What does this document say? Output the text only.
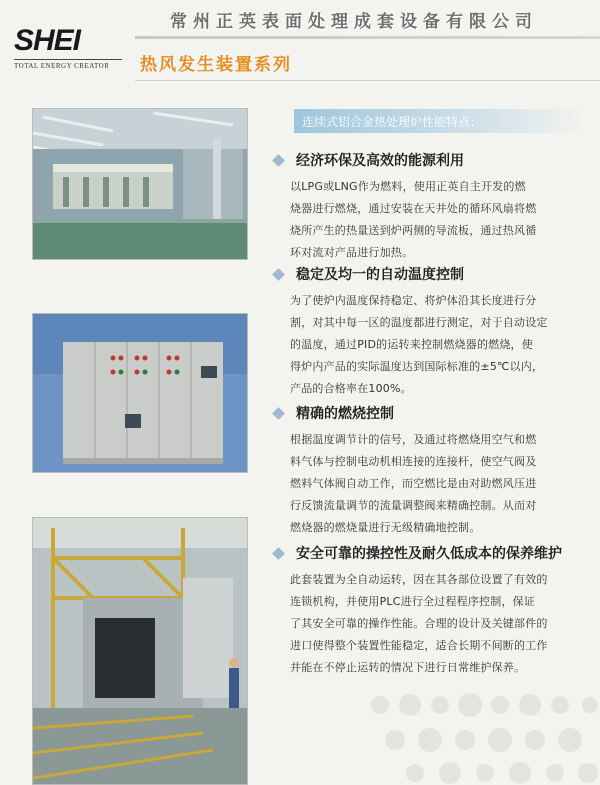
SHEI
TOTAL ENERGY CREATOR
常州正英表面处理成套设备有限公司
热风发生装置系列
连续式铝合金热处理炉性能特点：
经济环保及高效的能源利用
以LPG或LNG作为燃料，使用正英自主开发的燃
烧器进行燃烧，通过安装在天井处的循环风扇将燃
烧所产生的热量送到炉两侧的导流板，通过热风循
环对流对产品进行加热。
稳定及均一的自动温度控制
为了使炉内温度保持稳定、将炉体沿其长度进行分
割，对其中每一区的温度都进行测定，对于自动设定
的温度，通过PID的运转来控制燃烧器的燃烧，使
得炉内产品的实际温度达到国际标准的±5℃以内，
产品的合格率在100%。
精确的燃烧控制
根据温度调节计的信号，及通过将燃烧用空气和燃
料气体与控制电动机相连接的连接杆，使空气阀及
燃料气体阀自动工作，而空燃比是由对助燃风压进
行反馈流量调节的流量调整阀来精确控制。从而对
燃烧器的燃烧量进行无级精确地控制。
安全可靠的操控性及耐久低成本的保养维护
此套装置为全自动运转，因在其各部位设置了有效的
连锁机构，并使用PLC进行全过程程序控制，保证
了其安全可靠的操作性能。合理的设计及关键部件的
进口使得整个装置性能稳定，适合长期不间断的工作
并能在不停止运转的情况下进行日常维护保养。
